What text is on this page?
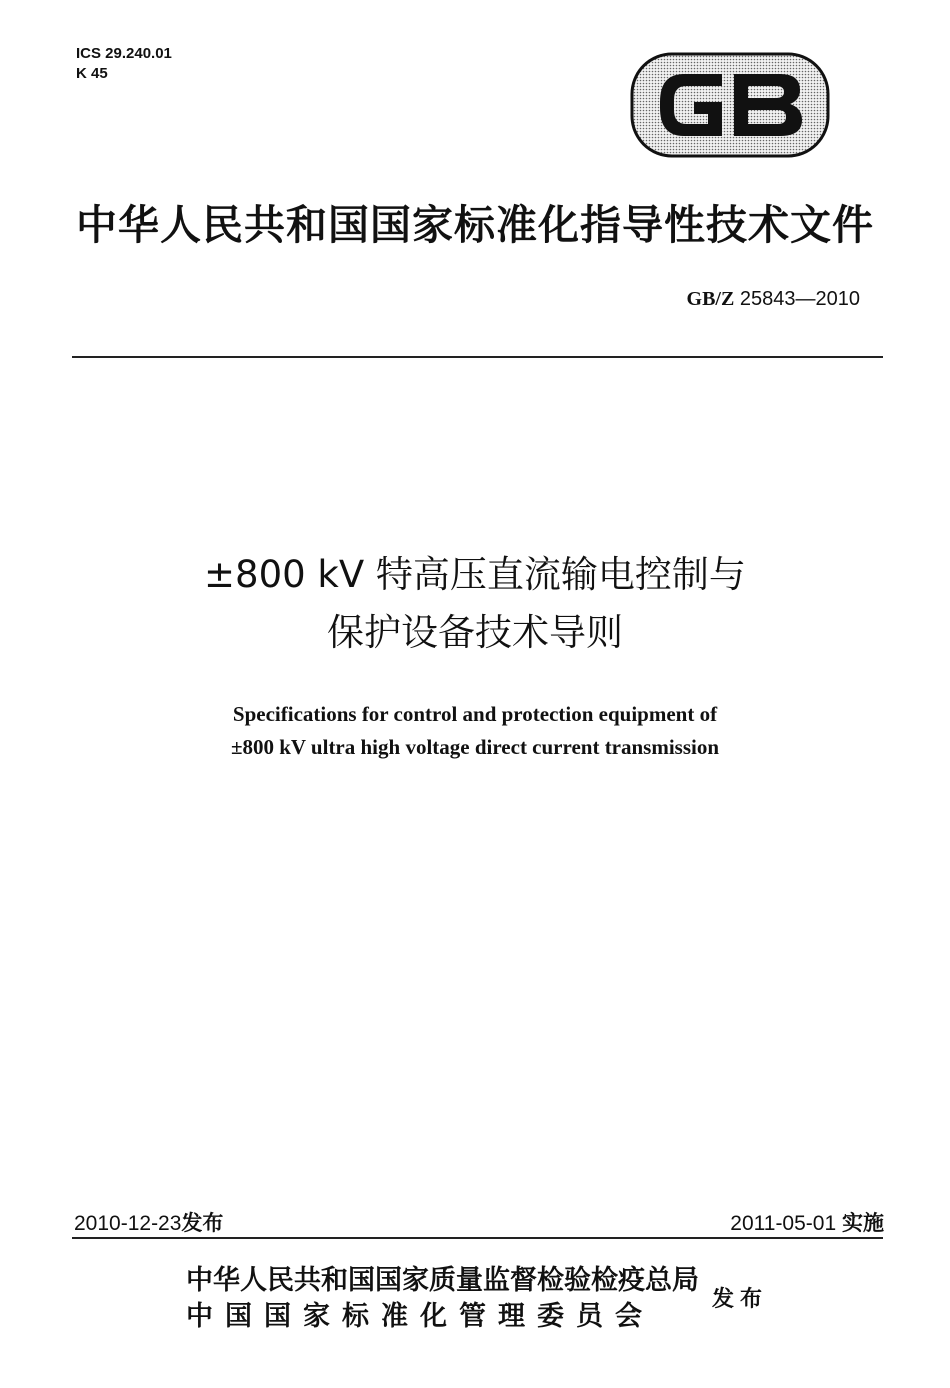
ICS 29.240.01
K 45
中华人民共和国国家标准化指导性技术文件
GB/Z 25843—2010
±800 kV 特高压直流输电控制与
保护设备技术导则
Specifications for control and protection equipment of
±800 kV ultra high voltage direct current transmission
2010-12-23发布	2011-05-01 实施
中华人民共和国国家质量监督检验检疫总局
中国国家标准化管理委员会
发布
